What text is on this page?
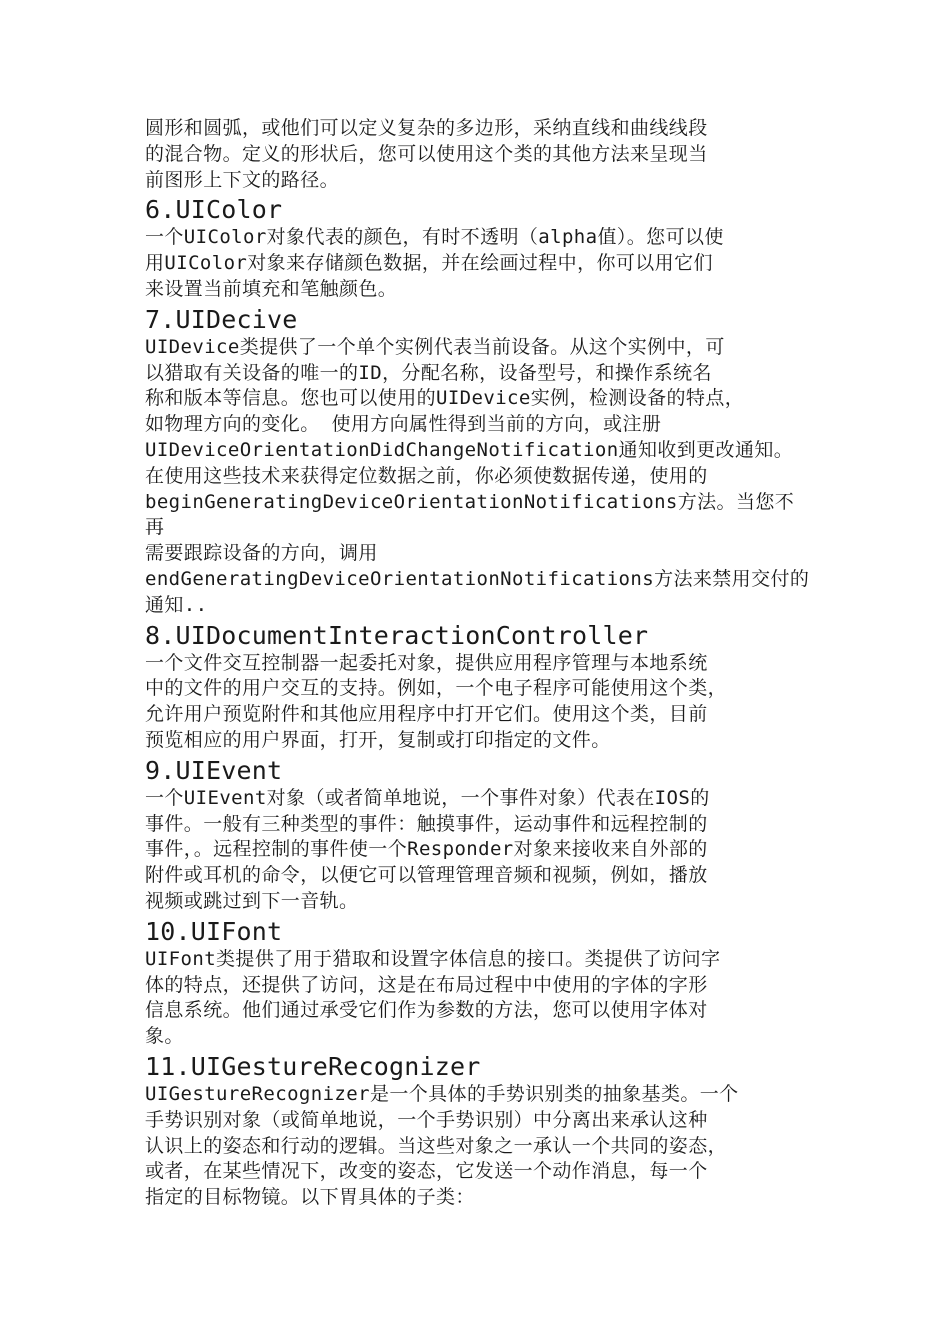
圆形和圆弧，或他们可以定义复杂的多边形，采纳直线和曲线线段
的混合物。定义的形状后，您可以使用这个类的其他方法来呈现当
前图形上下文的路径。

6.UIColor

一个UIColor对象代表的颜色，有时不透明（alpha值）。您可以使
用UIColor对象来存储颜色数据，并在绘画过程中，你可以用它们
来设置当前填充和笔触颜色。

7.UIDecive

UIDevice类提供了一个单个实例代表当前设备。从这个实例中，可
以猎取有关设备的唯一的ID，分配名称，设备型号，和操作系统名
称和版本等信息。您也可以使用的UIDevice实例，检测设备的特点，
如物理方向的变化。 使用方向属性得到当前的方向，或注册
UIDeviceOrientationDidChangeNotification通知收到更改通知。
在使用这些技术来获得定位数据之前，你必须使数据传递，使用的
beginGeneratingDeviceOrientationNotifications方法。当您不再
需要跟踪设备的方向，调用
endGeneratingDeviceOrientationNotifications方法来禁用交付的
通知..

8.UIDocumentInteractionController

一个文件交互控制器一起委托对象，提供应用程序管理与本地系统
中的文件的用户交互的支持。例如，一个电子程序可能使用这个类，
允许用户预览附件和其他应用程序中打开它们。使用这个类，目前
预览相应的用户界面，打开，复制或打印指定的文件。

9.UIEvent

一个UIEvent对象（或者简单地说，一个事件对象）代表在IOS的
事件。一般有三种类型的事件：触摸事件，运动事件和远程控制的
事件，。远程控制的事件使一个Responder对象来接收来自外部的
附件或耳机的命令，以便它可以管理管理音频和视频，例如，播放
视频或跳过到下一音轨。

10.UIFont

UIFont类提供了用于猎取和设置字体信息的接口。类提供了访问字
体的特点，还提供了访问，这是在布局过程中中使用的字体的字形
信息系统。他们通过承受它们作为参数的方法，您可以使用字体对
象。

11.UIGestureRecognizer

UIGestureRecognizer是一个具体的手势识别类的抽象基类。一个
手势识别对象（或简单地说，一个手势识别）中分离出来承认这种
认识上的姿态和行动的逻辑。当这些对象之一承认一个共同的姿态，
或者，在某些情况下，改变的姿态，它发送一个动作消息，每一个
指定的目标物镜。以下胃具体的子类：
